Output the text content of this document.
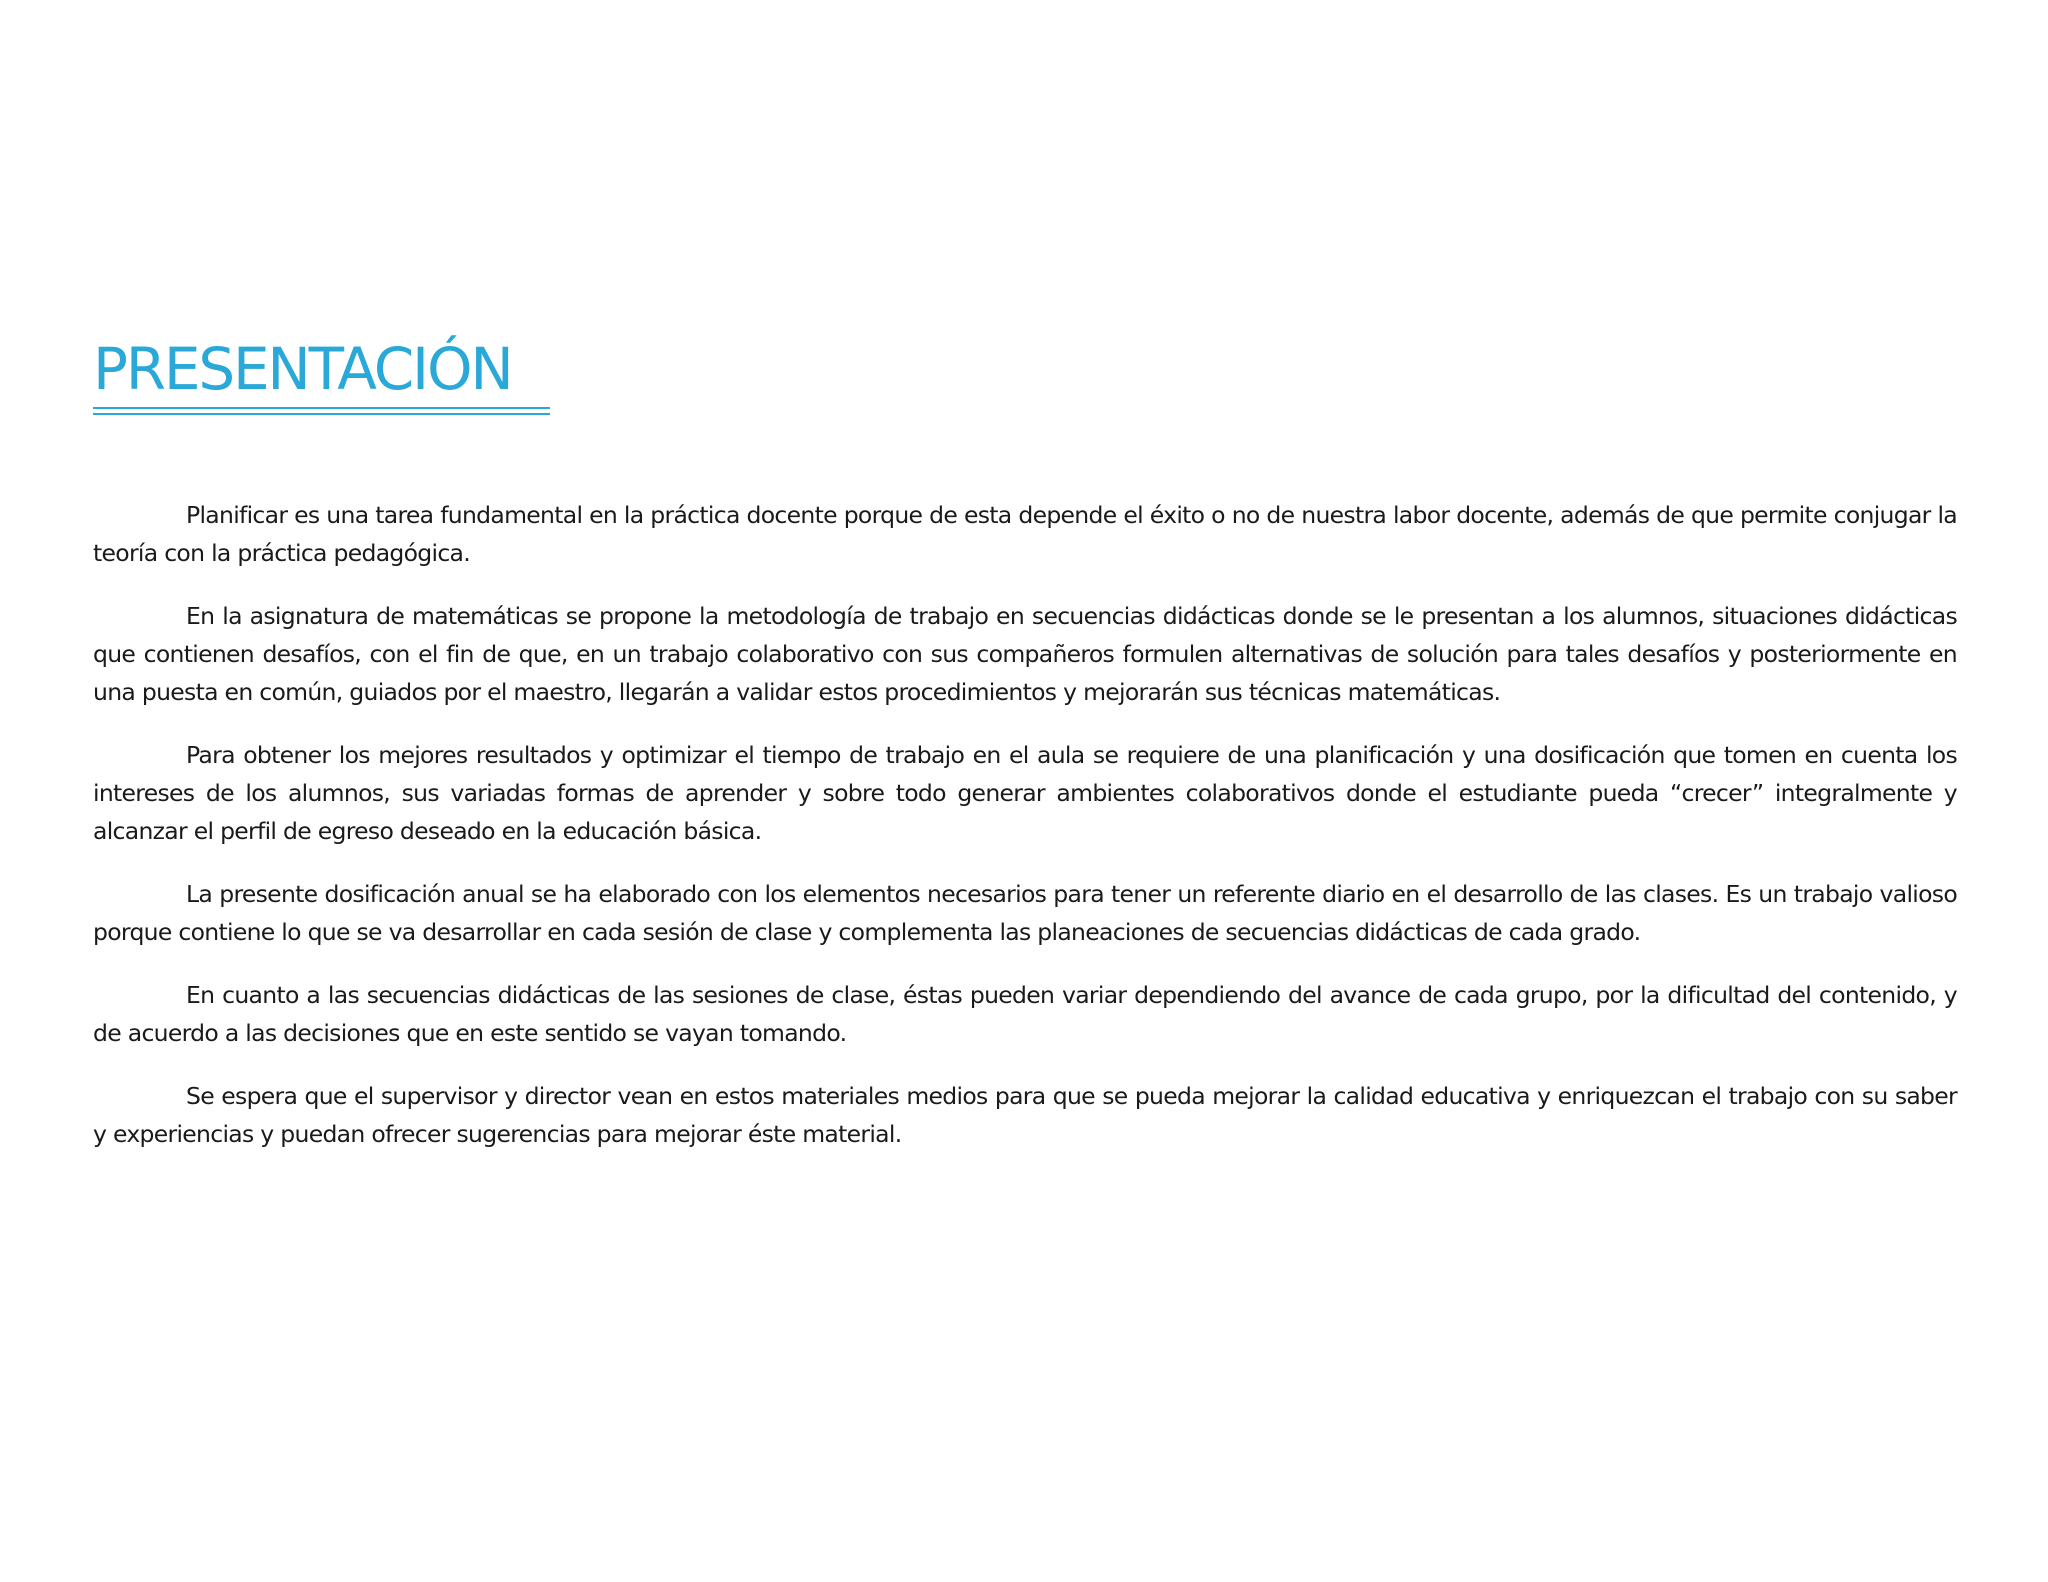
PRESENTACIÓN

Planificar es una tarea fundamental en la práctica docente porque de esta depende el éxito o no de nuestra labor docente, además de que permite conjugar la teoría con la práctica pedagógica.

En la asignatura de matemáticas se propone la metodología de trabajo en secuencias didácticas donde se le presentan a los alumnos, situaciones didácticas que contienen desafíos, con el fin de que, en un trabajo colaborativo con sus compañeros formulen alternativas de solución para tales desafíos y posteriormente en una puesta en común, guiados por el maestro, llegarán a validar estos procedimientos y mejorarán sus técnicas matemáticas.

Para obtener los mejores resultados y optimizar el tiempo de trabajo en el aula se requiere de una planificación y una dosificación que tomen en cuenta los intereses de los alumnos, sus variadas formas de aprender y sobre todo generar ambientes colaborativos donde el estudiante pueda “crecer” integralmente y alcanzar el perfil de egreso deseado en la educación básica.

La presente dosificación anual se ha elaborado con los elementos necesarios para tener un referente diario en el desarrollo de las clases. Es un trabajo valioso porque contiene lo que se va desarrollar en cada sesión de clase y complementa las planeaciones de secuencias didácticas de cada grado.

En cuanto a las secuencias didácticas de las sesiones de clase, éstas pueden variar dependiendo del avance de cada grupo, por la dificultad del contenido, y de acuerdo a las decisiones que en este sentido se vayan tomando.

Se espera que el supervisor y director vean en estos materiales medios para que se pueda mejorar la calidad educativa y enriquezcan el trabajo con su saber y experiencias y puedan ofrecer sugerencias para mejorar éste material.
